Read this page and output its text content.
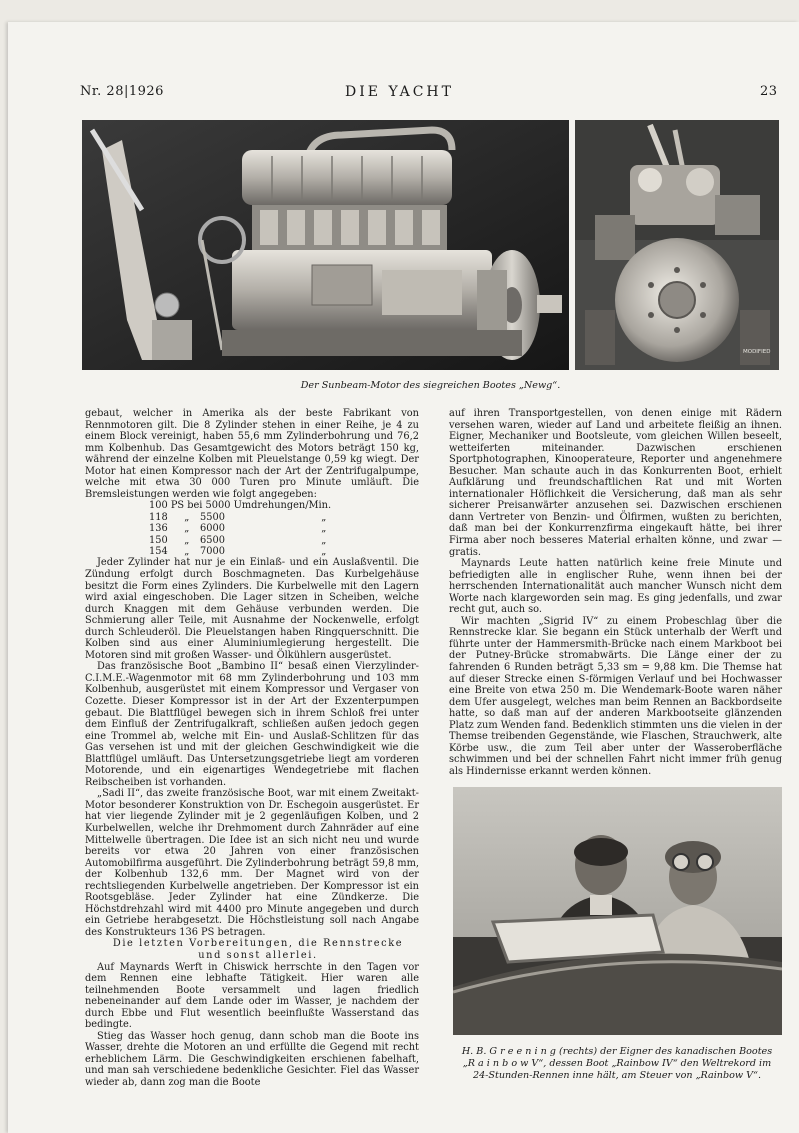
Nr. 28|1926	DIE YACHT	23
MODIFIED
Der Sunbeam-Motor des siegreichen Bootes „Newg“.

gebaut, welcher in Amerika als der beste Fabrikant von Rennmotoren gilt. Die 8 Zylinder stehen in einer Reihe, je 4 zu einem Block vereinigt, haben 55,6 mm Zylinderbohrung und 76,2 mm Kolbenhub. Das Gesamtgewicht des Motors beträgt 150 kg, während der einzelne Kolben mit Pleuelstange 0,59 kg wiegt. Der Motor hat einen Kompressor nach der Art der Zentrifugalpumpe, welche mit etwa 30 000 Turen pro Minute umläuft. Die Bremsleistungen werden wie folgt angegeben:

100 PS bei 5000 Umdrehungen/Min.			
118	„	5500	„
136	„	6000	„
150	„	6500	„
154	„	7000	„

Jeder Zylinder hat nur je ein Einlaß- und ein Auslaßventil. Die Zündung erfolgt durch Boschmagneten. Das Kurbelgehäuse besitzt die Form eines Zylinders. Die Kurbelwelle mit den Lagern wird axial eingeschoben. Die Lager sitzen in Scheiben, welche durch Knaggen mit dem Gehäuse verbunden werden. Die Schmierung aller Teile, mit Ausnahme der Nockenwelle, erfolgt durch Schleuderöl. Die Pleuelstangen haben Ringquerschnitt. Die Kolben sind aus einer Aluminiumlegierung hergestellt. Die Motoren sind mit großen Wasser- und Ölkühlern ausgerüstet.

Das französische Boot „Bambino II“ besaß einen Vierzylinder-C.I.M.E.-Wagenmotor mit 68 mm Zylinderbohrung und 103 mm Kolbenhub, ausgerüstet mit einem Kompressor und Vergaser von Cozette. Dieser Kompressor ist in der Art der Exzenterpumpen gebaut. Die Blattflügel bewegen sich in ihrem Schloß frei unter dem Einfluß der Zentrifugalkraft, schließen außen jedoch gegen eine Trommel ab, welche mit Ein- und Auslaß-Schlitzen für das Gas versehen ist und mit der gleichen Geschwindigkeit wie die Blattflügel umläuft. Das Untersetzungsgetriebe liegt am vorderen Motorende, und ein eigenartiges Wendegetriebe mit flachen Reibscheiben ist vorhanden.

„Sadi II“, das zweite französische Boot, war mit einem Zweitakt-Motor besonderer Konstruktion von Dr. Eschegoin ausgerüstet. Er hat vier liegende Zylinder mit je 2 gegenläufigen Kolben, und 2 Kurbelwellen, welche ihr Drehmoment durch Zahnräder auf eine Mittelwelle übertragen. Die Idee ist an sich nicht neu und wurde bereits vor etwa 20 Jahren von einer französischen Automobilfirma ausgeführt. Die Zylinderbohrung beträgt 59,8 mm, der Kolbenhub 132,6 mm. Der Magnet wird von der rechtsliegenden Kurbelwelle angetrieben. Der Kompressor ist ein Rootsgebläse. Jeder Zylinder hat eine Zündkerze. Die Höchstdrehzahl wird mit 4400 pro Minute angegeben und durch ein Getriebe herabgesetzt. Die Höchstleistung soll nach Angabe des Konstrukteurs 136 PS betragen.

Die letzten Vorbereitungen, die Rennstrecke

und sonst allerlei.

Auf Maynards Werft in Chiswick herrschte in den Tagen vor dem Rennen eine lebhafte Tätigkeit. Hier waren alle teilnehmenden Boote versammelt und lagen friedlich nebeneinander auf dem Lande oder im Wasser, je nachdem der durch Ebbe und Flut wesentlich beeinflußte Wasserstand das bedingte.

Stieg das Wasser hoch genug, dann schob man die Boote ins Wasser, drehte die Motoren an und erfüllte die Gegend mit recht erheblichem Lärm. Die Geschwindigkeiten erschienen fabelhaft, und man sah verschiedene bedenkliche Gesichter. Fiel das Wasser wieder ab, dann zog man die Boote

auf ihren Transportgestellen, von denen einige mit Rädern versehen waren, wieder auf Land und arbeitete fleißig an ihnen. Eigner, Mechaniker und Bootsleute, vom gleichen Willen beseelt, wetteiferten miteinander. Dazwischen erschienen Sportphotographen, Kinooperateure, Reporter und angenehmere Besucher. Man schaute auch in das Konkurrenten Boot, erhielt Aufklärung und freundschaftlichen Rat und mit Worten internationaler Höflichkeit die Versicherung, daß man als sehr sicherer Preisanwärter anzusehen sei. Dazwischen erschienen dann Vertreter von Benzin- und Ölfirmen, wußten zu berichten, daß man bei der Konkurrenzfirma eingekauft hätte, bei ihrer Firma aber noch besseres Material erhalten könne, und zwar — gratis.

Maynards Leute hatten natürlich keine freie Minute und befriedigten alle in englischer Ruhe, wenn ihnen bei der herrschenden Internationalität auch mancher Wunsch nicht dem Worte nach klargeworden sein mag. Es ging jedenfalls, und zwar recht gut, auch so.

Wir machten „Sigrid IV“ zu einem Probeschlag über die Rennstrecke klar. Sie begann ein Stück unterhalb der Werft und führte unter der Hammersmith-Brücke nach einem Markboot bei der Putney-Brücke stromabwärts. Die Länge einer der zu fahrenden 6 Runden beträgt 5,33 sm = 9,88 km. Die Themse hat auf dieser Strecke einen S-förmigen Verlauf und bei Hochwasser eine Breite von etwa 250 m. Die Wendemark-Boote waren näher dem Ufer ausgelegt, welches man beim Rennen an Backbordseite hatte, so daß man auf der anderen Markbootseite glänzenden Platz zum Wenden fand. Bedenklich stimmten uns die vielen in der Themse treibenden Gegenstände, wie Flaschen, Strauchwerk, alte Körbe usw., die zum Teil aber unter der Wasseroberfläche schwimmen und bei der schnellen Fahrt nicht immer früh genug als Hindernisse erkannt werden können.

H. B. G r e e n i n g (rechts) der Eigner des kanadischen Bootes
„R a i n b o w V“, dessen Boot „Rainbow IV“ den Weltrekord im
24-Stunden-Rennen inne hält, am Steuer von „Rainbow V“.
